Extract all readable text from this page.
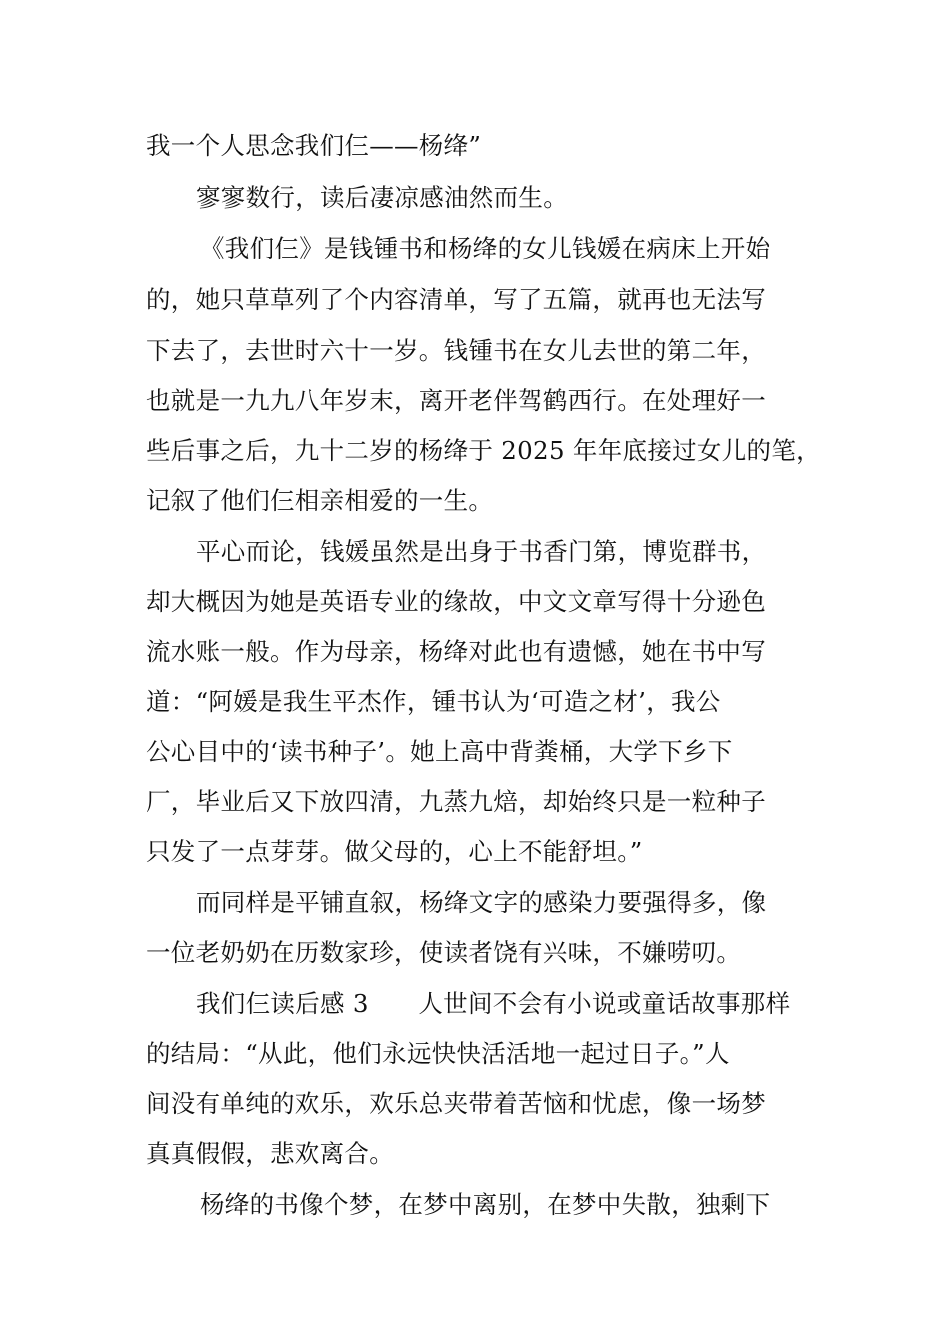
我一个人思念我们仨——杨绛”
寥寥数行，读后凄凉感油然而生。
《我们仨》是钱锺书和杨绛的女儿钱媛在病床上开始
的，她只草草列了个内容清单，写了五篇，就再也无法写
下去了，去世时六十一岁。钱锺书在女儿去世的第二年，
也就是一九九八年岁末，离开老伴驾鹤西行。在处理好一
些后事之后，九十二岁的杨绛于 2025 年年底接过女儿的笔，
记叙了他们仨相亲相爱的一生。
平心而论，钱媛虽然是出身于书香门第，博览群书，
却大概因为她是英语专业的缘故，中文文章写得十分逊色
流水账一般。作为母亲，杨绛对此也有遗憾，她在书中写
道：“阿媛是我生平杰作，锺书认为‘可造之材’，我公
公心目中的‘读书种子’。她上高中背粪桶，大学下乡下
厂，毕业后又下放四清，九蒸九焙，却始终只是一粒种子
只发了一点芽芽。做父母的，心上不能舒坦。”
而同样是平铺直叙，杨绛文字的感染力要强得多，像
一位老奶奶在历数家珍，使读者饶有兴味，不嫌唠叨。
我们仨读后感 3　　人世间不会有小说或童话故事那样
的结局：“从此，他们永远快快活活地一起过日子。”人
间没有单纯的欢乐，欢乐总夹带着苦恼和忧虑，像一场梦
真真假假，悲欢离合。
杨绛的书像个梦，在梦中离别，在梦中失散，独剩下
